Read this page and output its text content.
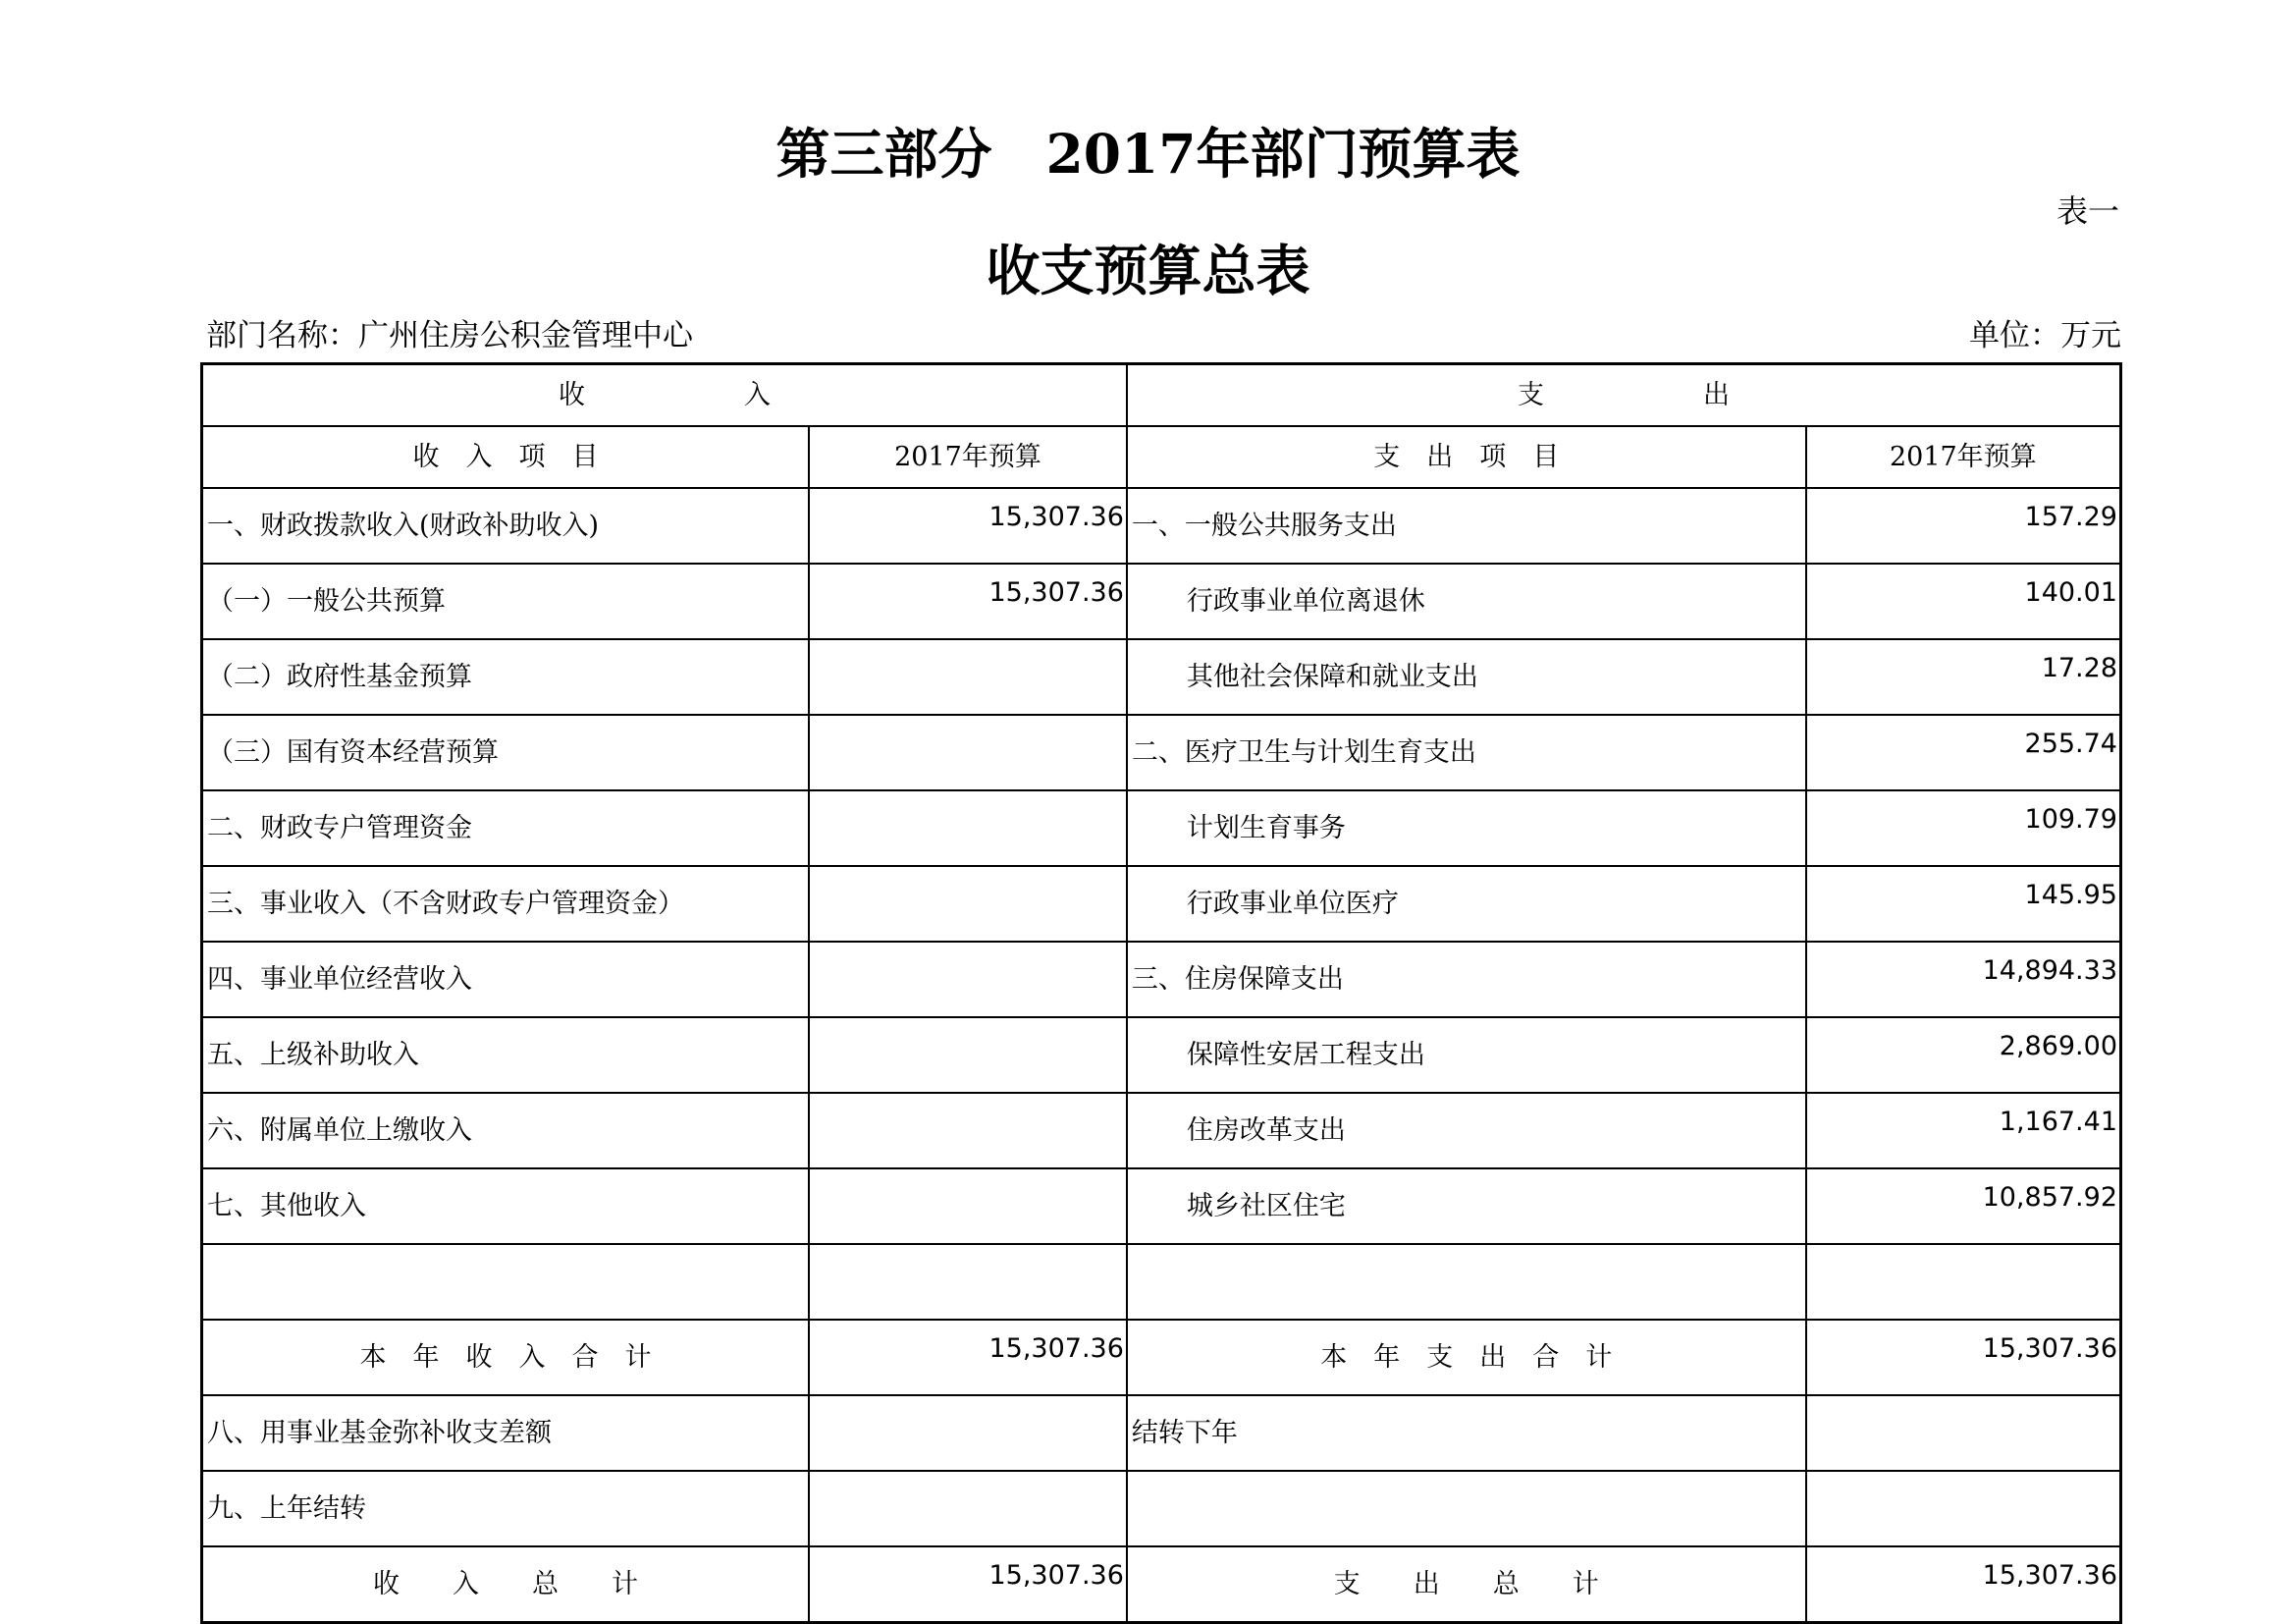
第三部分　2017年部门预算表
表一
收支预算总表
部门名称：广州住房公积金管理中心	单位：万元
收　　　　　　入		支　　　　　　出	
收　入　项　目	2017年预算	支　出　项　目	2017年预算
一、财政拨款收入(财政补助收入)	15,307.36	一、一般公共服务支出	157.29
（一）一般公共预算	15,307.36	行政事业单位离退休	140.01
（二）政府性基金预算		其他社会保障和就业支出	17.28
（三）国有资本经营预算		二、医疗卫生与计划生育支出	255.74
二、财政专户管理资金		计划生育事务	109.79
三、事业收入（不含财政专户管理资金）		行政事业单位医疗	145.95
四、事业单位经营收入		三、住房保障支出	14,894.33
五、上级补助收入		保障性安居工程支出	2,869.00
六、附属单位上缴收入		住房改革支出	1,167.41
七、其他收入		城乡社区住宅	10,857.92

本　年　收　入　合　计	15,307.36	本　年　支　出　合　计	15,307.36
八、用事业基金弥补收支差额		结转下年	
九、上年结转			
收　　入　　总　　计	15,307.36	支　　出　　总　　计	15,307.36
